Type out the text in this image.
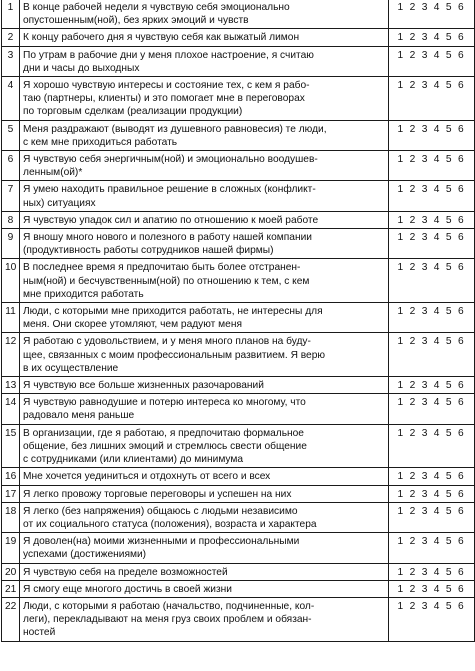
1	В конце рабочей недели я чувствую себя эмоционально
опустошенным(ной), без ярких эмоций и чувств	1 2 3 4 5 6
2	К концу рабочего дня я чувствую себя как выжатый лимон	1 2 3 4 5 6
3	По утрам в рабочие дни у меня плохое настроение, я считаю
дни и часы до выходных	1 2 3 4 5 6
4	Я хорошо чувствую интересы и состояние тех, с кем я рабо-
таю (партнеры, клиенты) и это помогает мне в переговорах
по торговым сделкам (реализации продукции)	1 2 3 4 5 6
5	Меня раздражают (выводят из душевного равновесия) те люди,
с кем мне приходиться работать	1 2 3 4 5 6
6	Я чувствую себя энергичным(ной) и эмоционально воодушев-
ленным(ой)*	1 2 3 4 5 6
7	Я умею находить правильное решение в сложных (конфликт-
ных) ситуациях	1 2 3 4 5 6
8	Я чувствую упадок сил и апатию по отношению к моей работе	1 2 3 4 5 6
9	Я вношу много нового и полезного в работу нашей компании
(продуктивность работы сотрудников нашей фирмы)	1 2 3 4 5 6
10	В последнее время я предпочитаю быть более отстранен-
ным(ной) и бесчувственным(ной) по отношению к тем, с кем
мне приходится работать	1 2 3 4 5 6
11	Люди, с которыми мне приходится работать, не интересны для
меня. Они скорее утомляют, чем радуют меня	1 2 3 4 5 6
12	Я работаю с удовольствием, и у меня много планов на буду-
щее, связанных с моим профессиональным развитием. Я верю
в их осуществление	1 2 3 4 5 6
13	Я чувствую все больше жизненных разочарований	1 2 3 4 5 6
14	Я чувствую равнодушие и потерю интереса ко многому, что
радовало меня раньше	1 2 3 4 5 6
15	В организации, где я работаю, я предпочитаю формальное
общение, без лишних эмоций и стремлюсь свести общение
с сотрудниками (или клиентами) до минимума	1 2 3 4 5 6
16	Мне хочется уединиться и отдохнуть от всего и всех	1 2 3 4 5 6
17	Я легко провожу торговые переговоры и успешен на них	1 2 3 4 5 6
18	Я легко (без напряжения) общаюсь с людьми независимо
от их социального статуса (положения), возраста и характера	1 2 3 4 5 6
19	Я доволен(на) моими жизненными и профессиональными
успехами (достижениями)	1 2 3 4 5 6
20	Я чувствую себя на пределе возможностей	1 2 3 4 5 6
21	Я смогу еще многого достичь в своей жизни	1 2 3 4 5 6
22	Люди, с которыми я работаю (начальство, подчиненные, кол-
леги), перекладывают на меня груз своих проблем и обязан-
ностей	1 2 3 4 5 6
